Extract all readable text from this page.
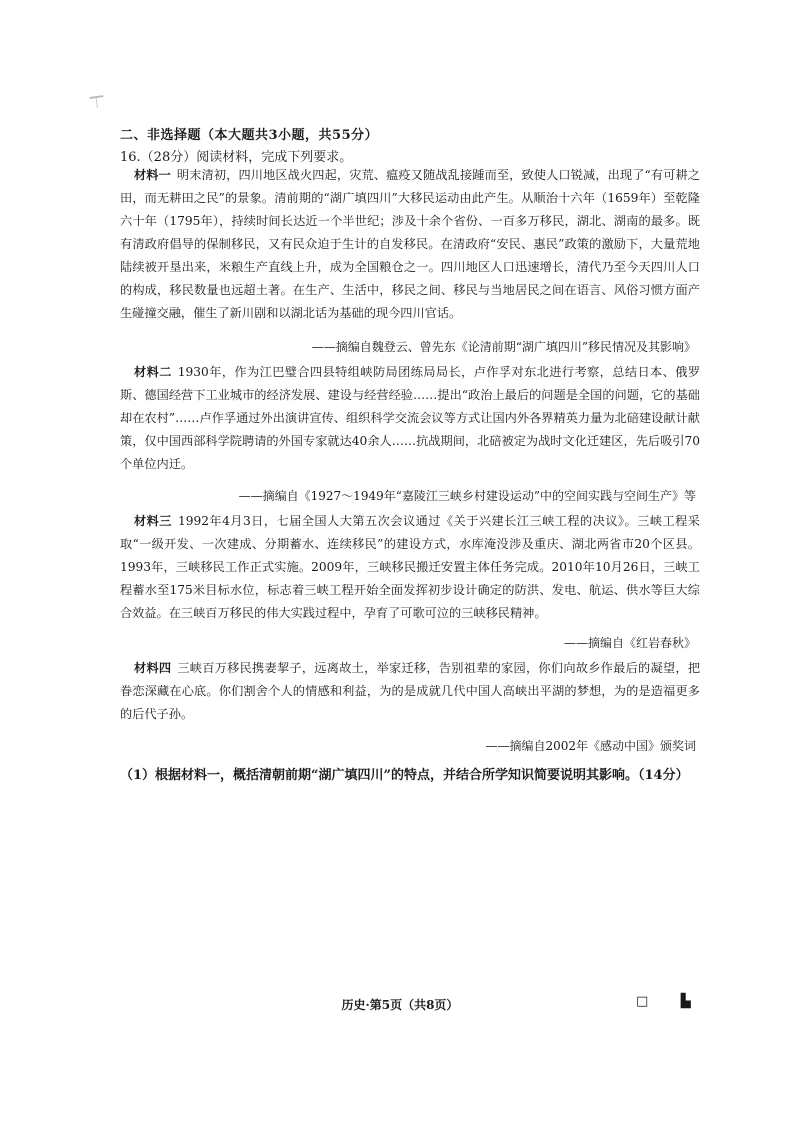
二、非选择题（本大题共3小题，共55分）
16.（28分）阅读材料，完成下列要求。
材料一 明末清初，四川地区战火四起，灾荒、瘟疫又随战乱接踵而至，致使人口锐减，出现了“有可耕之田，而无耕田之民”的景象。清前期的“湖广填四川”大移民运动由此产生。从顺治十六年（1659年）至乾隆六十年（1795年），持续时间长达近一个半世纪；涉及十余个省份、一百多万移民，湖北、湖南的最多。既有清政府倡导的保制移民，又有民众迫于生计的自发移民。在清政府“安民、惠民”政策的激励下，大量荒地陆续被开垦出来，米粮生产直线上升，成为全国粮仓之一。四川地区人口迅速增长，清代乃至今天四川人口的构成，移民数量也远超土著。在生产、生活中，移民之间、移民与当地居民之间在语言、风俗习惯方面产生碰撞交融，催生了新川剧和以湖北话为基础的现今四川官话。
——摘编自魏登云、曾先东《论清前期“湖广填四川”移民情况及其影响》
材料二 1930年，作为江巴璧合四县特组峡防局团练局局长，卢作孚对东北进行考察，总结日本、俄罗斯、德国经营下工业城市的经济发展、建设与经营经验……提出“政治上最后的问题是全国的问题，它的基础却在农村”……卢作孚通过外出演讲宣传、组织科学交流会议等方式让国内外各界精英力量为北碚建设献计献策，仅中国西部科学院聘请的外国专家就达40余人……抗战期间，北碚被定为战时文化迁建区，先后吸引70个单位内迁。
——摘编自《1927～1949年“嘉陵江三峡乡村建设运动”中的空间实践与空间生产》等
材料三 1992年4月3日，七届全国人大第五次会议通过《关于兴建长江三峡工程的决议》。三峡工程采取“一级开发、一次建成、分期蓄水、连续移民”的建设方式，水库淹没涉及重庆、湖北两省市20个区县。1993年，三峡移民工作正式实施。2009年，三峡移民搬迁安置主体任务完成。2010年10月26日，三峡工程蓄水至175米目标水位，标志着三峡工程开始全面发挥初步设计确定的防洪、发电、航运、供水等巨大综合效益。在三峡百万移民的伟大实践过程中，孕育了可歌可泣的三峡移民精神。
——摘编自《红岩春秋》
材料四 三峡百万移民携妻挈子，远离故土，举家迁移，告别祖辈的家园，你们向故乡作最后的凝望，把眷恋深藏在心底。你们割舍个人的情感和利益，为的是成就几代中国人高峡出平湖的梦想，为的是造福更多的后代子孙。
——摘编自2002年《感动中国》颁奖词
（1）根据材料一，概括清朝前期“湖广填四川”的特点，并结合所学知识简要说明其影响。（14分）
历史·第5页（共8页）	□ ▙
